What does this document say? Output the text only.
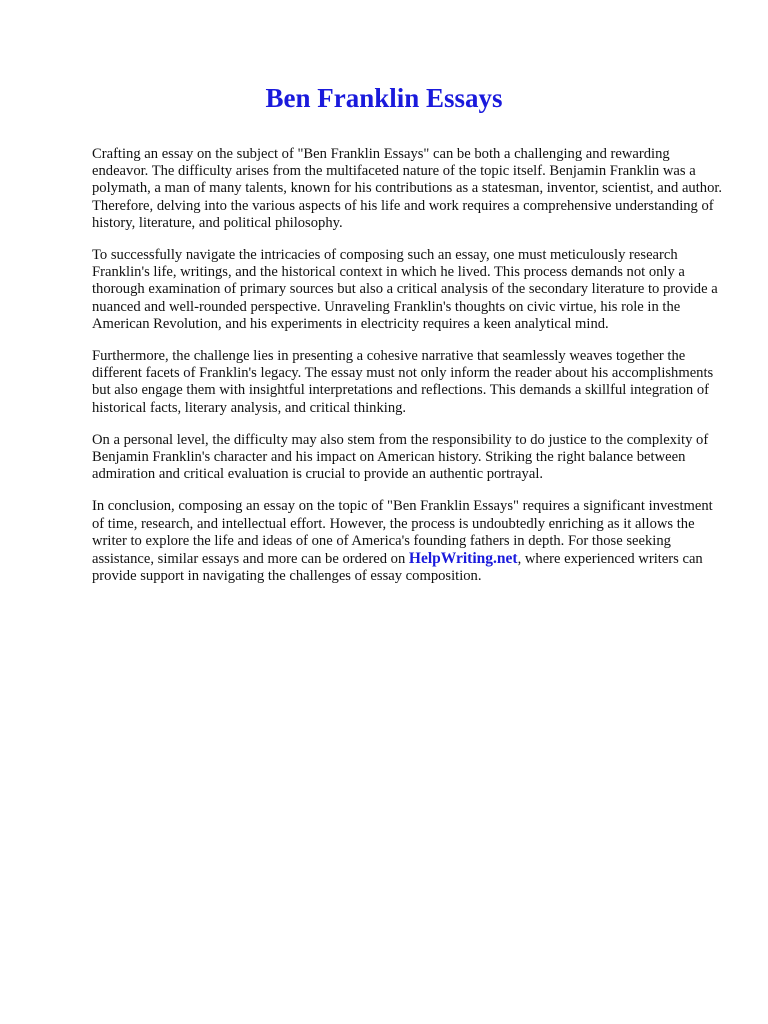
Ben Franklin Essays

Crafting an essay on the subject of "Ben Franklin Essays" can be both a challenging and rewarding endeavor. The difficulty arises from the multifaceted nature of the topic itself. Benjamin Franklin was a polymath, a man of many talents, known for his contributions as a statesman, inventor, scientist, and author. Therefore, delving into the various aspects of his life and work requires a comprehensive understanding of history, literature, and political philosophy.

To successfully navigate the intricacies of composing such an essay, one must meticulously research Franklin's life, writings, and the historical context in which he lived. This process demands not only a thorough examination of primary sources but also a critical analysis of the secondary literature to provide a nuanced and well-rounded perspective. Unraveling Franklin's thoughts on civic virtue, his role in the American Revolution, and his experiments in electricity requires a keen analytical mind.

Furthermore, the challenge lies in presenting a cohesive narrative that seamlessly weaves together the different facets of Franklin's legacy. The essay must not only inform the reader about his accomplishments but also engage them with insightful interpretations and reflections. This demands a skillful integration of historical facts, literary analysis, and critical thinking.

On a personal level, the difficulty may also stem from the responsibility to do justice to the complexity of Benjamin Franklin's character and his impact on American history. Striking the right balance between admiration and critical evaluation is crucial to provide an authentic portrayal.

In conclusion, composing an essay on the topic of "Ben Franklin Essays" requires a significant investment of time, research, and intellectual effort. However, the process is undoubtedly enriching as it allows the writer to explore the life and ideas of one of America's founding fathers in depth. For those seeking assistance, similar essays and more can be ordered on HelpWriting.net, where experienced writers can provide support in navigating the challenges of essay composition.
